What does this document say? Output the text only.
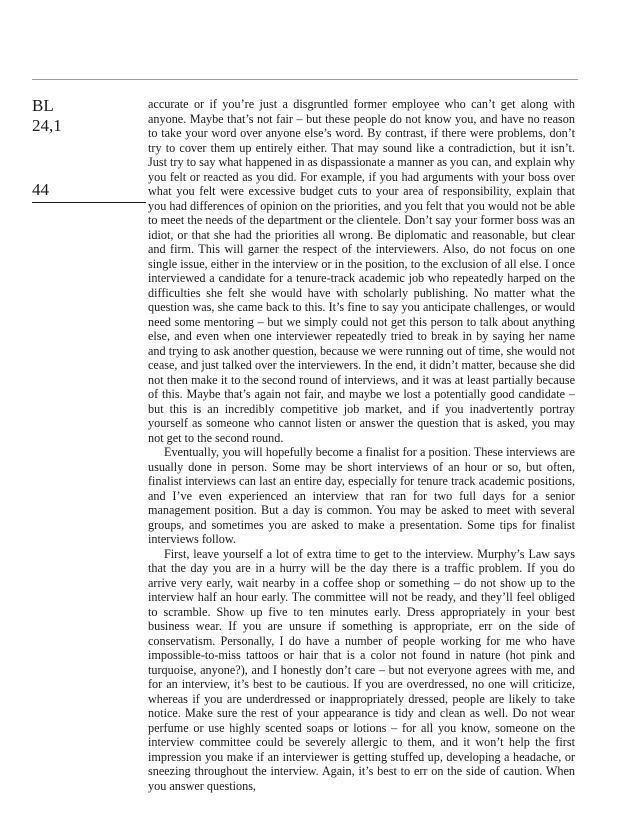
BL
24,1
44

accurate or if you’re just a disgruntled former employee who can’t get along with anyone. Maybe that’s not fair – but these people do not know you, and have no reason to take your word over anyone else’s word. By contrast, if there were problems, don’t try to cover them up entirely either. That may sound like a contradiction, but it isn’t. Just try to say what happened in as dispassionate a manner as you can, and explain why you felt or reacted as you did. For example, if you had arguments with your boss over what you felt were excessive budget cuts to your area of responsibility, explain that you had differences of opinion on the priorities, and you felt that you would not be able to meet the needs of the department or the clientele. Don’t say your former boss was an idiot, or that she had the priorities all wrong. Be diplomatic and reasonable, but clear and firm. This will garner the respect of the interviewers. Also, do not focus on one single issue, either in the interview or in the position, to the exclusion of all else. I once interviewed a candidate for a tenure-track academic job who repeatedly harped on the difficulties she felt she would have with scholarly publishing. No matter what the question was, she came back to this. It’s fine to say you anticipate challenges, or would need some mentoring – but we simply could not get this person to talk about anything else, and even when one interviewer repeatedly tried to break in by saying her name and trying to ask another question, because we were running out of time, she would not cease, and just talked over the interviewers. In the end, it didn’t matter, because she did not then make it to the second round of interviews, and it was at least partially because of this. Maybe that’s again not fair, and maybe we lost a potentially good candidate – but this is an incredibly competitive job market, and if you inadvertently portray yourself as someone who cannot listen or answer the question that is asked, you may not get to the second round.

Eventually, you will hopefully become a finalist for a position. These interviews are usually done in person. Some may be short interviews of an hour or so, but often, finalist interviews can last an entire day, especially for tenure track academic positions, and I’ve even experienced an interview that ran for two full days for a senior management position. But a day is common. You may be asked to meet with several groups, and sometimes you are asked to make a presentation. Some tips for finalist interviews follow.

First, leave yourself a lot of extra time to get to the interview. Murphy’s Law says that the day you are in a hurry will be the day there is a traffic problem. If you do arrive very early, wait nearby in a coffee shop or something – do not show up to the interview half an hour early. The committee will not be ready, and they’ll feel obliged to scramble. Show up five to ten minutes early. Dress appropriately in your best business wear. If you are unsure if something is appropriate, err on the side of conservatism. Personally, I do have a number of people working for me who have impossible-to-miss tattoos or hair that is a color not found in nature (hot pink and turquoise, anyone?), and I honestly don’t care – but not everyone agrees with me, and for an interview, it’s best to be cautious. If you are overdressed, no one will criticize, whereas if you are underdressed or inappropriately dressed, people are likely to take notice. Make sure the rest of your appearance is tidy and clean as well. Do not wear perfume or use highly scented soaps or lotions – for all you know, someone on the interview committee could be severely allergic to them, and it won’t help the first impression you make if an interviewer is getting stuffed up, developing a headache, or sneezing throughout the interview. Again, it’s best to err on the side of caution. When you answer questions,
